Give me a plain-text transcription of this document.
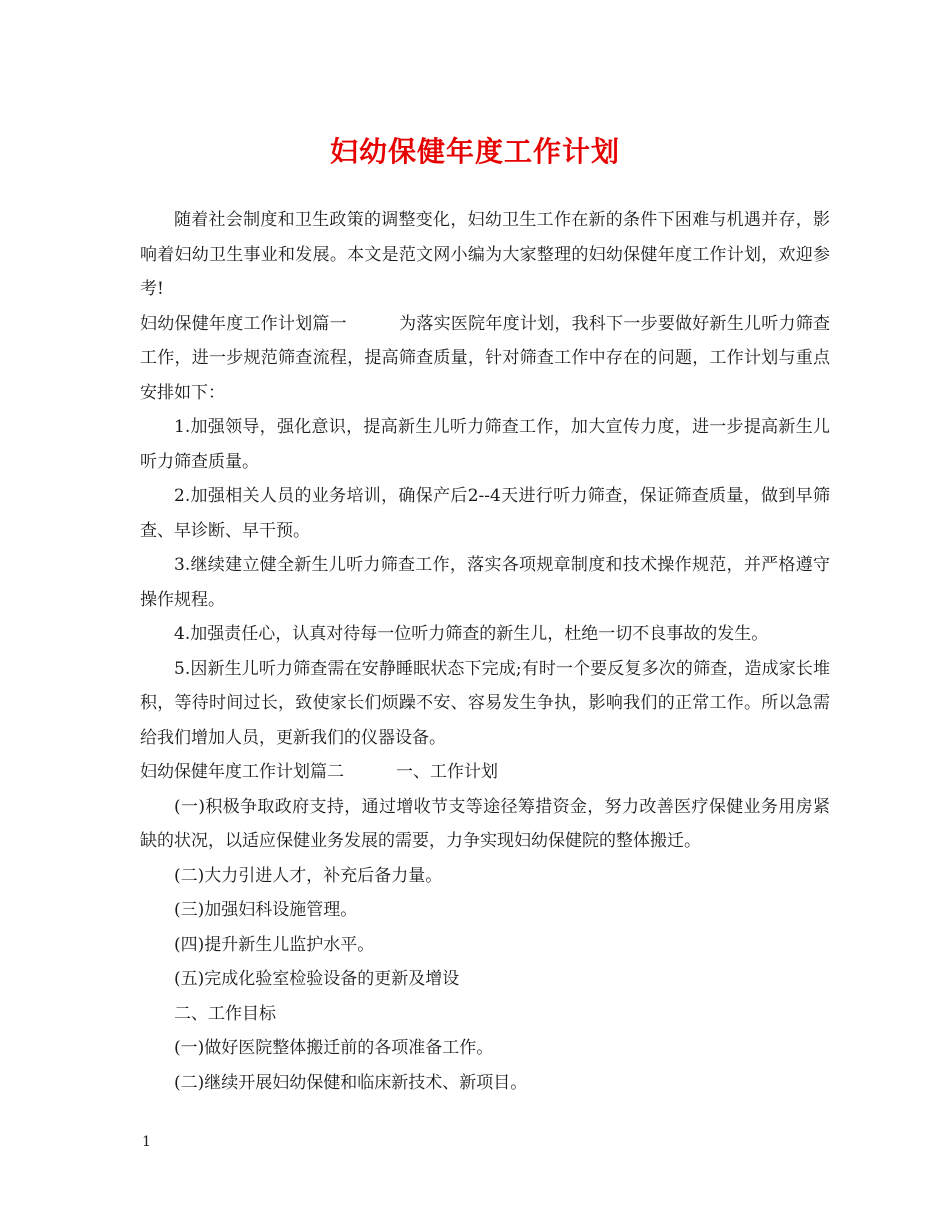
妇幼保健年度工作计划

随着社会制度和卫生政策的调整变化，妇幼卫生工作在新的条件下困难与机遇并存，影响着妇幼卫生事业和发展。本文是范文网小编为大家整理的妇幼保健年度工作计划，欢迎参考!

妇幼保健年度工作计划篇一	为落实医院年度计划，我科下一步要做好新生儿听力筛查工作，进一步规范筛查流程，提高筛查质量，针对筛查工作中存在的问题，工作计划与重点安排如下：

1.加强领导，强化意识，提高新生儿听力筛查工作，加大宣传力度，进一步提高新生儿听力筛查质量。

2.加强相关人员的业务培训，确保产后2--4天进行听力筛查，保证筛查质量，做到早筛查、早诊断、早干预。

3.继续建立健全新生儿听力筛查工作，落实各项规章制度和技术操作规范，并严格遵守操作规程。

4.加强责任心，认真对待每一位听力筛查的新生儿，杜绝一切不良事故的发生。

5.因新生儿听力筛查需在安静睡眠状态下完成;有时一个要反复多次的筛查，造成家长堆积，等待时间过长，致使家长们烦躁不安、容易发生争执，影响我们的正常工作。所以急需给我们增加人员，更新我们的仪器设备。

妇幼保健年度工作计划篇二	一、工作计划

(一)积极争取政府支持，通过增收节支等途径筹措资金，努力改善医疗保健业务用房紧缺的状况，以适应保健业务发展的需要，力争实现妇幼保健院的整体搬迁。

(二)大力引进人才，补充后备力量。

(三)加强妇科设施管理。

(四)提升新生儿监护水平。

(五)完成化验室检验设备的更新及增设

二、工作目标

(一)做好医院整体搬迁前的各项准备工作。

(二)继续开展妇幼保健和临床新技术、新项目。

1
